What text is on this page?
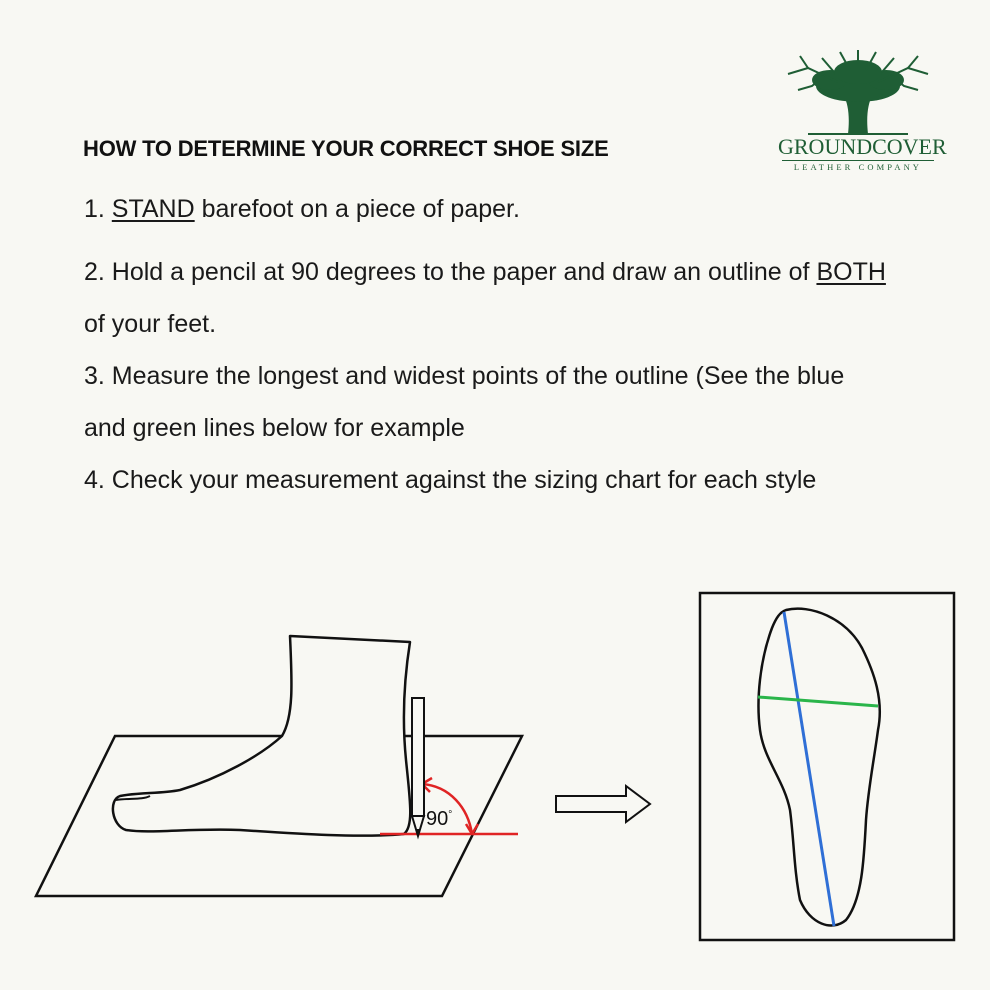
GROUNDCOVER
LEATHER COMPANY
HOW TO DETERMINE YOUR CORRECT SHOE SIZE
1. STAND barefoot on a piece of paper.
2. Hold a pencil at 90 degrees to the paper and draw an outline of BOTH
of your feet.
3. Measure the longest and widest points of the outline (See the blue
and green lines below for example
4. Check your measurement against the sizing chart for each style
90°
